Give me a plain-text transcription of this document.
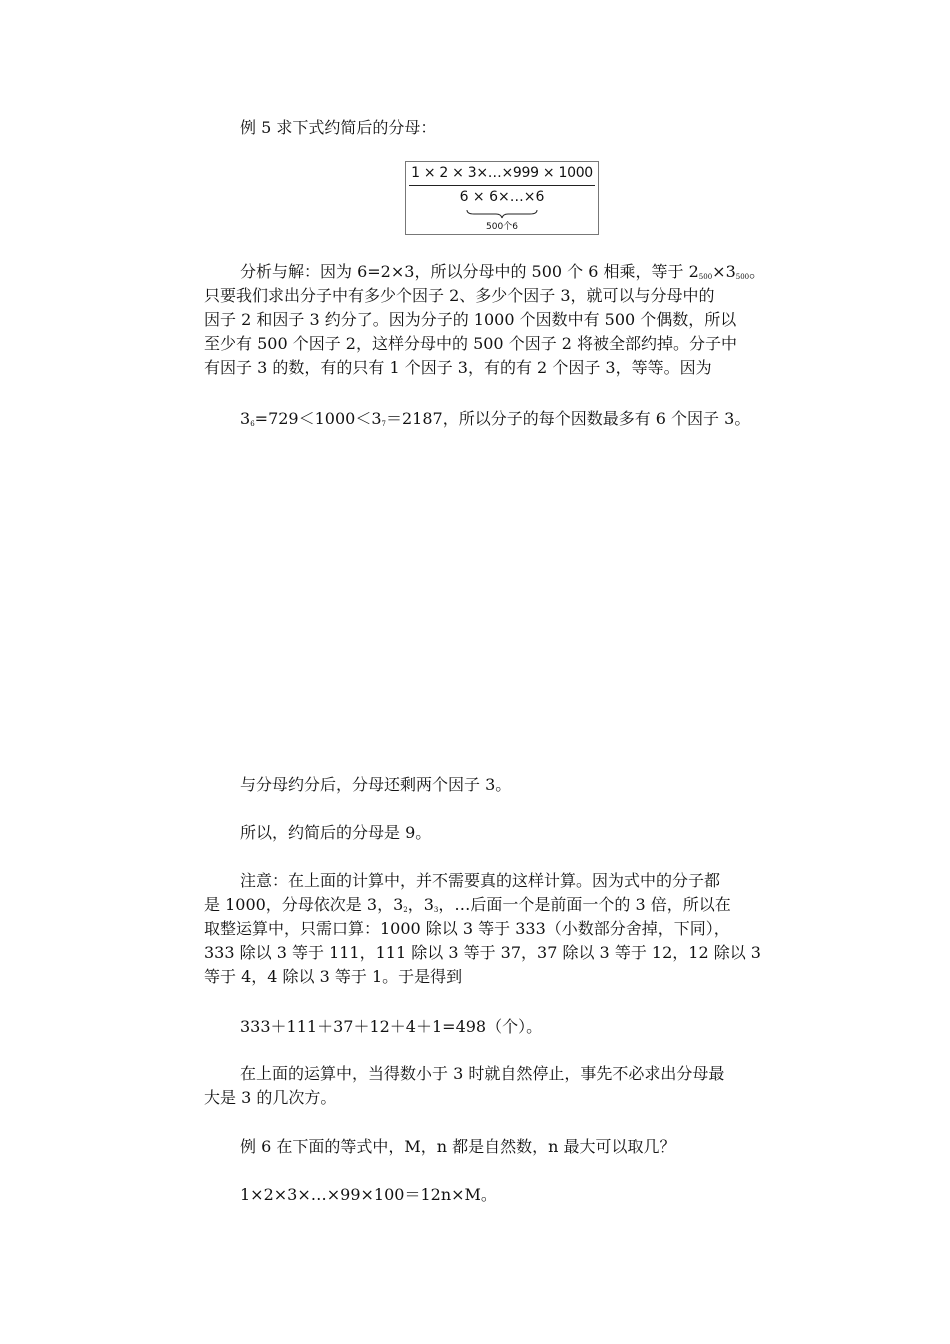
例 5 求下式约简后的分母：

1 × 2 × 3×…×999 × 1000
6 × 6×…×6
500个6

分析与解：因为 6=2×3，所以分母中的 500 个 6 相乘，等于 $2_{500}\times 3_{500}$。

只要我们求出分子中有多少个因子 2、多少个因子 3，就可以与分母中的

因子 2 和因子 3 约分了。因为分子的 1000 个因数中有 500 个偶数，所以

至少有 500 个因子 2，这样分母中的 500 个因子 2 将被全部约掉。分子中

有因子 3 的数，有的只有 1 个因子 3，有的有 2 个因子 3，等等。因为

$3_6=729<1000<3_7=2187$，所以分子的每个因数最多有 6 个因子 3。

与分母约分后，分母还剩两个因子 3。

所以，约简后的分母是 9。

注意：在上面的计算中，并不需要真的这样计算。因为式中的分子都

是 1000，分母依次是 3，$3_2$，$3_3$，…后面一个是前面一个的 3 倍，所以在

取整运算中，只需口算：1000 除以 3 等于 333（小数部分舍掉，下同），

333 除以 3 等于 111，111 除以 3 等于 37，37 除以 3 等于 12，12 除以 3

等于 4，4 除以 3 等于 1。于是得到

333＋111＋37＋12＋4＋1=498（个）。

在上面的运算中，当得数小于 3 时就自然停止，事先不必求出分母最

大是 3 的几次方。

例 6 在下面的等式中，M，n 都是自然数，n 最大可以取几？

1×2×3×…×99×100＝12n×M。
